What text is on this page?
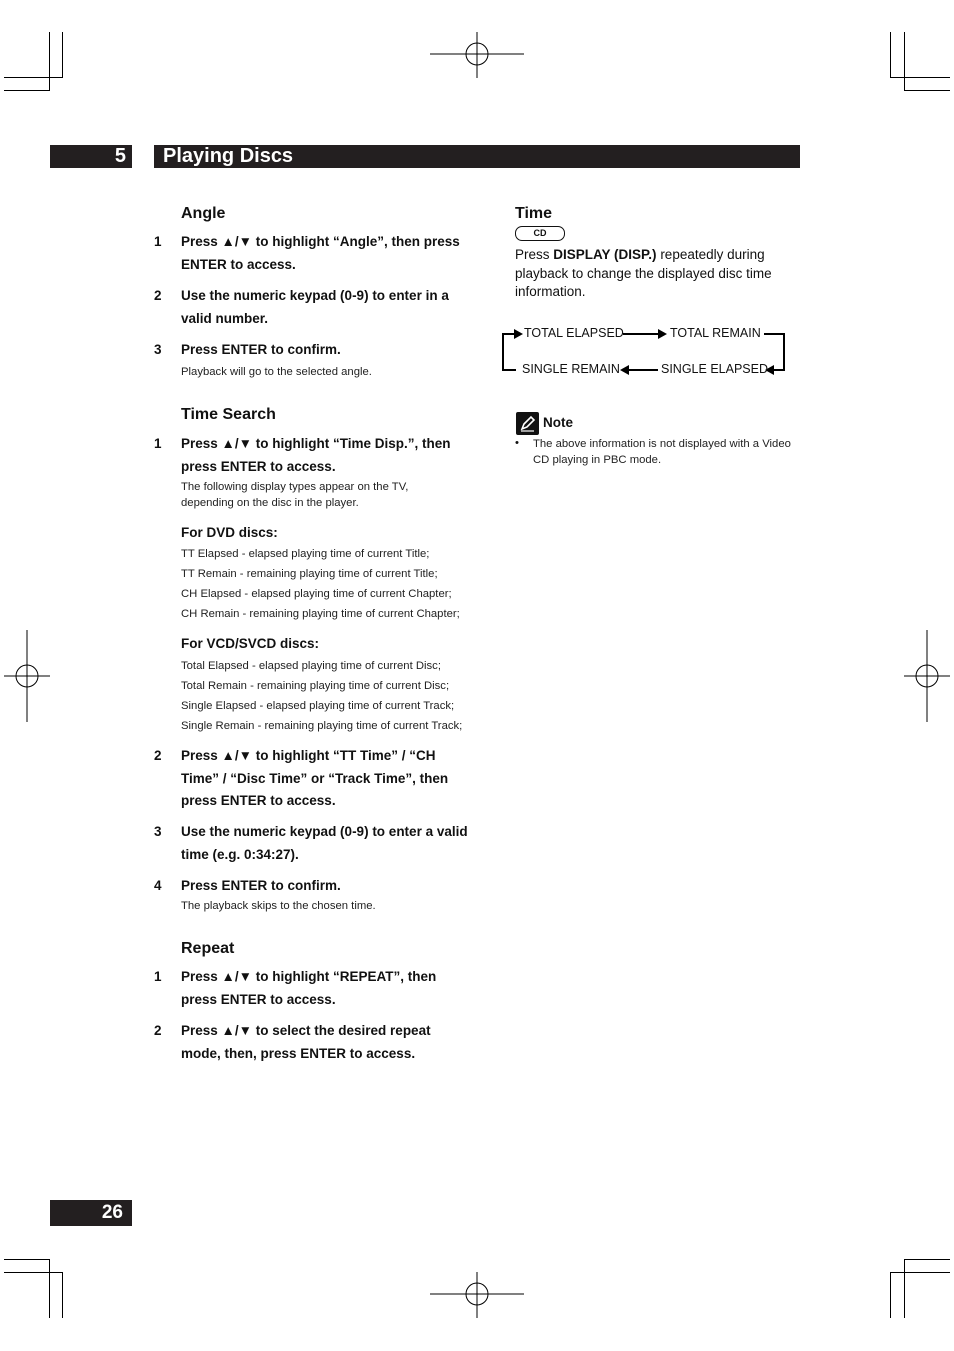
5	Playing Discs
Angle
1 Press ▲/▼ to highlight “Angle”, then press ENTER to access.
2 Use the numeric keypad (0-9) to enter in a valid number.
3 Press ENTER to confirm.
Playback will go to the selected angle.
Time Search
1 Press ▲/▼ to highlight “Time Disp.”, then press ENTER to access.
The following display types appear on the TV, depending on the disc in the player.
For DVD discs:
TT Elapsed - elapsed playing time of current Title;
TT Remain - remaining playing time of current Title;
CH Elapsed - elapsed playing time of current Chapter;
CH Remain - remaining playing time of current Chapter;
For VCD/SVCD discs:
Total Elapsed - elapsed playing time of current Disc;
Total Remain - remaining playing time of current Disc;
Single Elapsed - elapsed playing time of current Track;
Single Remain - remaining playing time of current Track;
2 Press ▲/▼ to highlight “TT Time” / “CH Time” / “Disc Time” or “Track Time”, then press ENTER to access.
3 Use the numeric keypad (0-9) to enter a valid time (e.g. 0:34:27).
4 Press ENTER to confirm.
The playback skips to the chosen time.
Repeat
1 Press ▲/▼ to highlight “REPEAT”, then press ENTER to access.
2 Press ▲/▼ to select the desired repeat mode, then, press ENTER to access.
Time
CD
Press DISPLAY (DISP.) repeatedly during playback to change the displayed disc time information.
TOTAL ELAPSED	TOTAL REMAIN
SINGLE REMAIN	SINGLE ELAPSED
Note
• The above information is not displayed with a Video CD playing in PBC mode.
26
